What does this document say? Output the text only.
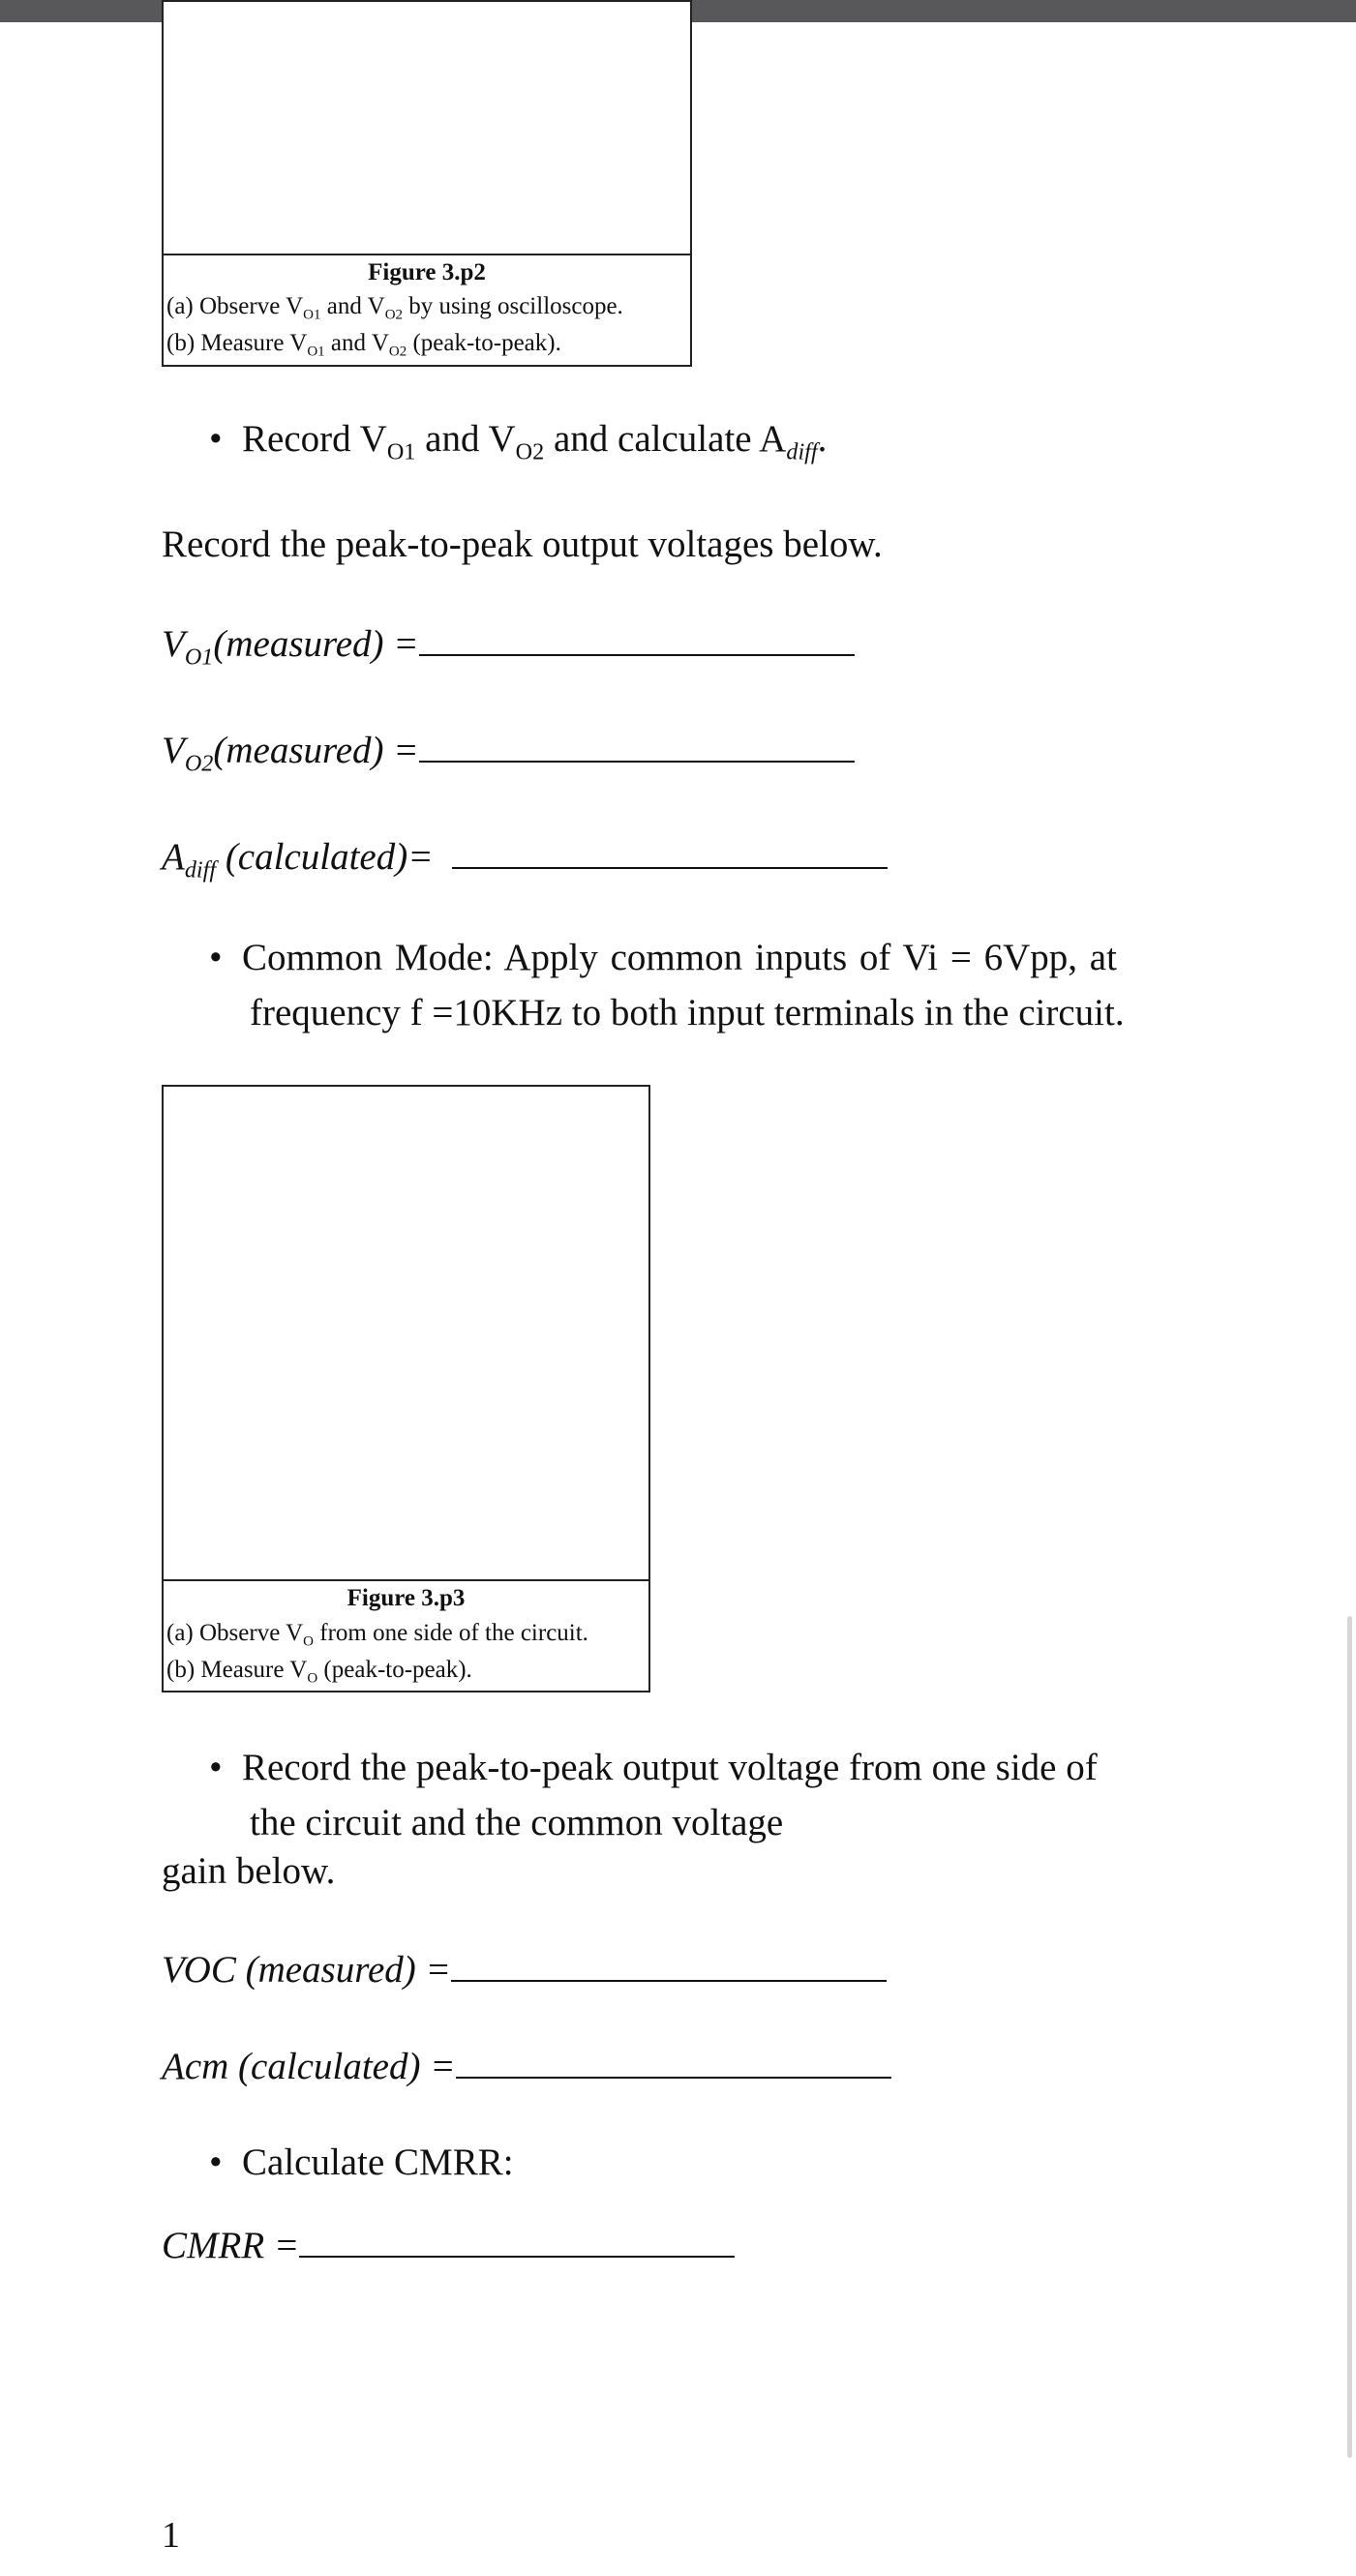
Figure 3.p2
(a) Observe $V_{O1}$ and $V_{O2}$ by using oscilloscope.
(b) Measure $V_{O1}$ and $V_{O2}$ (peak-to-peak).
• Record $V_{O1}$ and $V_{O2}$ and calculate $A_{diff}$.
Record the peak-to-peak output voltages below.
$V_{O1}(measured)$ =
$V_{O2}(measured)$ =
$A_{diff}$ (calculated)=
• Common Mode: Apply common inputs of Vi = 6Vpp, at
frequency f =10KHz to both input terminals in the circuit.
Figure 3.p3
(a) Observe $V_O$ from one side of the circuit.
(b) Measure $V_O$ (peak-to-peak).
• Record the peak-to-peak output voltage from one side of
the circuit and the common voltage
gain below.
VOC (measured) =
Acm (calculated) =
• Calculate CMRR:
CMRR =
1
